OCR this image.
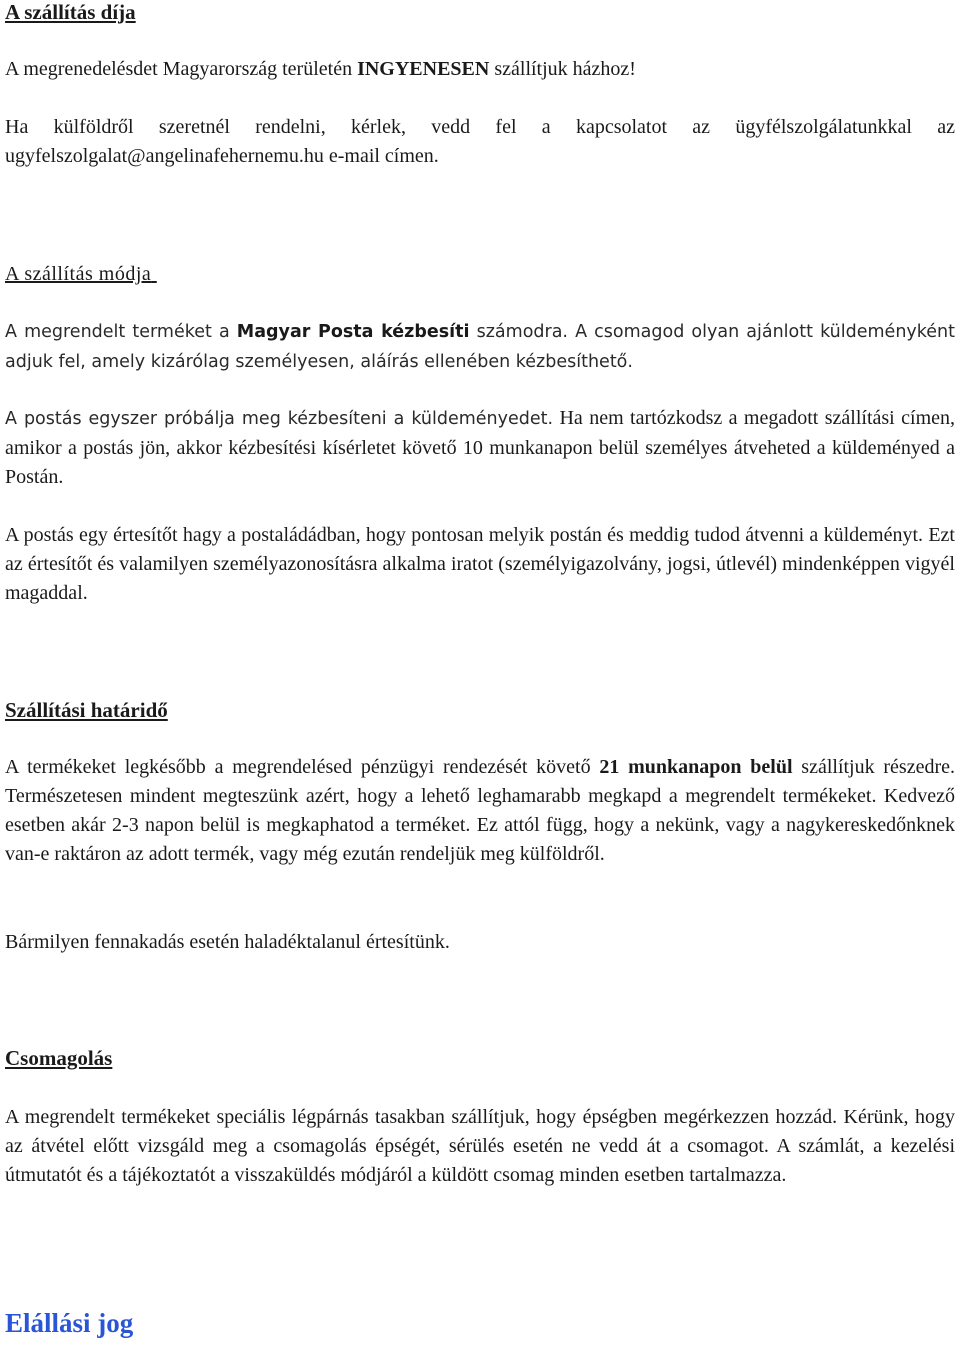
A szállítás díja

A megrenedelésdet Magyarország területén INGYENESEN szállítjuk házhoz!

Ha külföldről szeretnél rendelni, kérlek, vedd fel a kapcsolatot az ügyfélszolgálatunkkal az ugyfelszolgalat@angelinafehernemu.hu e-mail címen.

A szállítás módja

A megrendelt terméket a Magyar Posta kézbesíti számodra. A csomagod olyan ajánlott küldeményként adjuk fel, amely kizárólag személyesen, aláírás ellenében kézbesíthető.

A postás egyszer próbálja meg kézbesíteni a küldeményedet. Ha nem tartózkodsz a megadott szállítási címen, amikor a postás jön, akkor kézbesítési kísérletet követő 10 munkanapon belül személyes átveheted a küldeményed a Postán.

A postás egy értesítőt hagy a postaládádban, hogy pontosan melyik postán és meddig tudod átvenni a küldeményt. Ezt az értesítőt és valamilyen személyazonosításra alkalma iratot (személyigazolvány, jogsi, útlevél) mindenképpen vigyél magaddal.

Szállítási határidő

A termékeket legkésőbb a megrendelésed pénzügyi rendezését követő 21 munkanapon belül szállítjuk részedre. Természetesen mindent megteszünk azért, hogy a lehető leghamarabb megkapd a megrendelt termékeket. Kedvező esetben akár 2-3 napon belül is megkaphatod a terméket. Ez attól függ, hogy a nekünk, vagy a nagykereskedőnknek van-e raktáron az adott termék, vagy még ezután rendeljük meg külföldről.

Bármilyen fennakadás esetén haladéktalanul értesítünk.

Csomagolás

A megrendelt termékeket speciális légpárnás tasakban szállítjuk, hogy épségben megérkezzen hozzád. Kérünk, hogy az átvétel előtt vizsgáld meg a csomagolás épségét, sérülés esetén ne vedd át a csomagot. A számlát, a kezelési útmutatót és a tájékoztatót a visszaküldés módjáról a küldött csomag minden esetben tartalmazza.

Elállási jog
